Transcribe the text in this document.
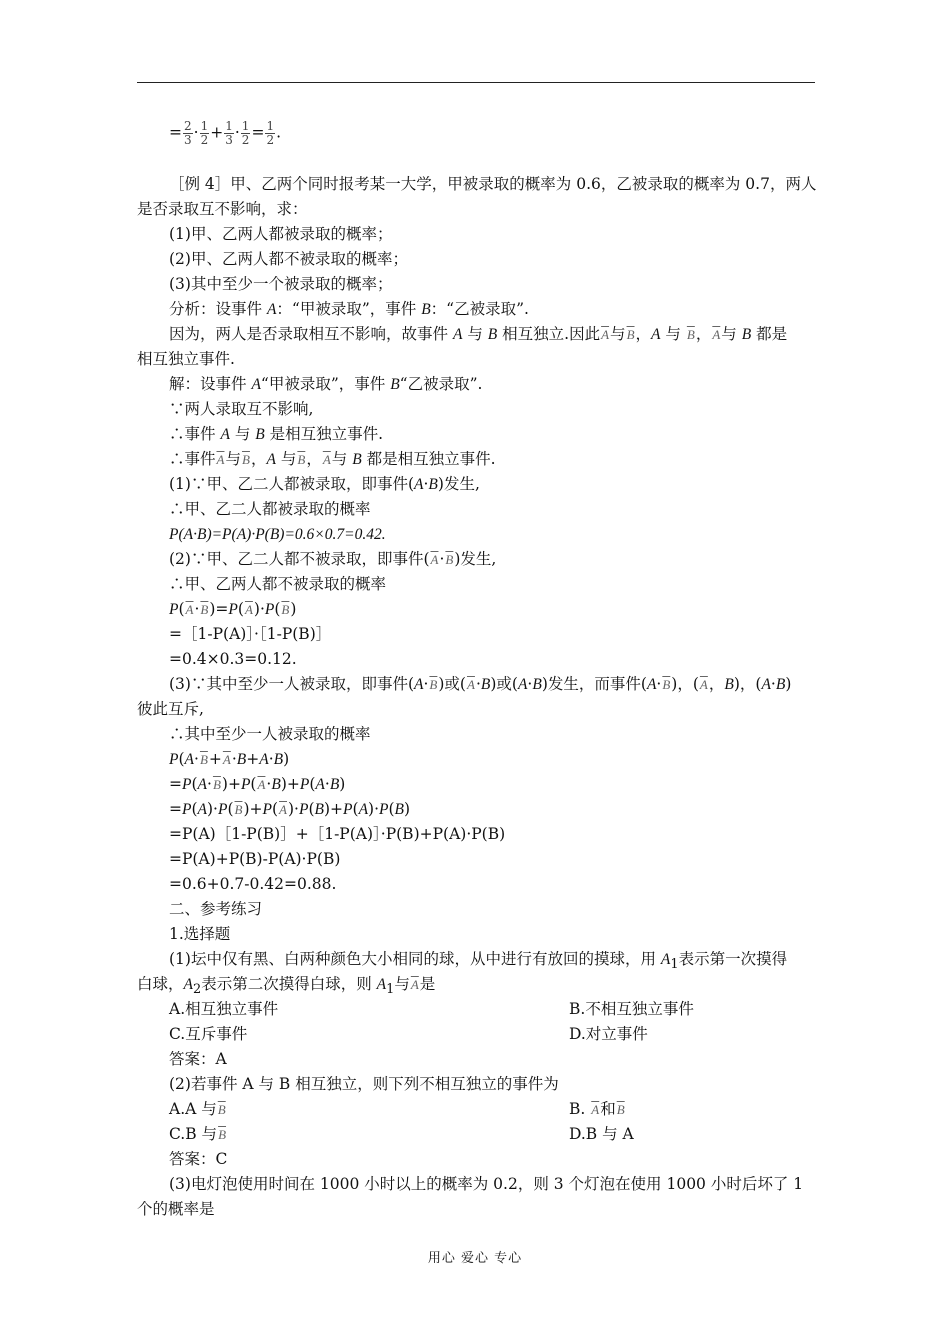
= $\frac{2}{3} \cdot \frac{1}{2} + \frac{1}{3} \cdot \frac{1}{2} = \frac{1}{2}$ .
［例 4］甲、乙两个同时报考某一大学，甲被录取的概率为 0.6，乙被录取的概率为 0.7，两人
是否录取互不影响，求：
(1)甲、乙两人都被录取的概率；
(2)甲、乙两人都不被录取的概率；
(3)其中至少一个被录取的概率；
分析：设事件 A：“甲被录取”，事件 B：“乙被录取”.
因为，两人是否录取相互不影响，故事件 A 与 B 相互独立.因此$\overline{A}$与$\overline{B}$，A 与 $\overline{B}$，$\overline{A}$与 B 都是
相互独立事件.
解：设事件 A“甲被录取”，事件 B“乙被录取”.
∵两人录取互不影响,
∴事件 A 与 B 是相互独立事件.
∴事件$\overline{A}$与$\overline{B}$，A 与$\overline{B}$，$\overline{A}$与 B 都是相互独立事件.
(1)∵甲、乙二人都被录取，即事件(A·B)发生,
∴甲、乙二人都被录取的概率
P(A·B)=P(A)·P(B)=0.6×0.7=0.42.
(2)∵甲、乙二人都不被录取，即事件$(\overline{A}\cdot\overline{B})$发生,
∴甲、乙两人都不被录取的概率
$P(\overline{A}\cdot\overline{B})=P(\overline{A})\cdot P(\overline{B})$
=［1-P(A)］·［1-P(B)］
=0.4×0.3=0.12.
(3)∵其中至少一人被录取，即事件$(A\cdot\overline{B})$或$(\overline{A}\cdot B)$或(A·B)发生，而事件$(A\cdot\overline{B})$，($\overline{A}$，B)，(A·B)
彼此互斥,
∴其中至少一人被录取的概率
$P(A\cdot\overline{B}+\overline{A}\cdot B+A\cdot B)$
$=P(A\cdot\overline{B})+P(\overline{A}\cdot B)+P(A\cdot B)$
$=P(A)\cdot P(\overline{B})+P(\overline{A})\cdot P(B)+P(A)\cdot P(B)$
=P(A)［1-P(B)］+［1-P(A)］·P(B)+P(A)·P(B)
=P(A)+P(B)-P(A)·P(B)
=0.6+0.7-0.42=0.88.
二、参考练习
1.选择题
(1)坛中仅有黑、白两种颜色大小相同的球，从中进行有放回的摸球，用 $A_1$表示第一次摸得
白球，$A_2$表示第二次摸得白球，则 $A_1$与$\overline{A}$是
A.相互独立事件	B.不相互独立事件
C.互斥事件	D.对立事件
答案：A
(2)若事件 A 与 B 相互独立，则下列不相互独立的事件为
A.A 与$\overline{B}$	B. $\overline{A}$和$\overline{B}$
C.B 与$\overline{B}$	D.B 与 A
答案：C
(3)电灯泡使用时间在 1000 小时以上的概率为 0.2，则 3 个灯泡在使用 1000 小时后坏了 1
个的概率是
用心 爱心 专心
